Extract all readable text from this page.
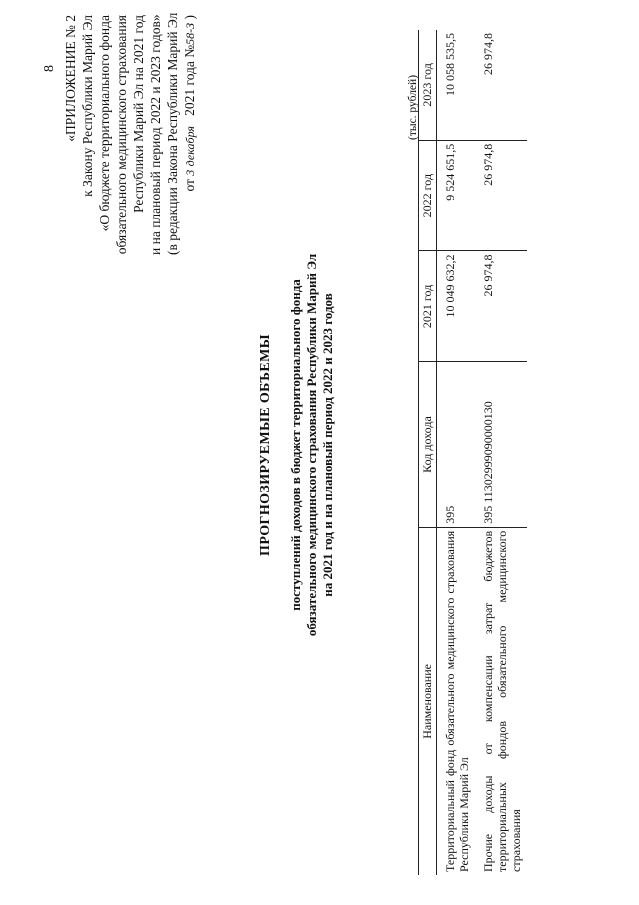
8 «ПРИЛОЖЕНИЕ № 2 к Закону Республики Марий Эл «О бюджете территориального фонда обязательного медицинского страхования Республики Марий Эл на 2021 год и на плановый период 2022 и 2023 годов» (в редакции Закона Республики Марий Эл от 3 декабря   2021 года №58-З )
ПРОГНОЗИРУЕМЫЕ ОБЪЕМЫ поступлений доходов в бюджет территориального фонда обязательного медицинского страхования Республики Марий Эл на 2021 год и на плановый период 2022 и 2023 годов
(тыс. рублей)
Наименование	Код дохода	2021 год	2022 год	2023 год
Территориальный фонд обязательного медицинского страхования Республики Марий Эл	395	10 049 632,2	9 524 651,5	10 058 535,5
Прочие доходы от компенсации затрат бюджетов территориальных фондов обязательного медицинского страхования	395 11302999090000130	26 974,8	26 974,8	26 974,8
